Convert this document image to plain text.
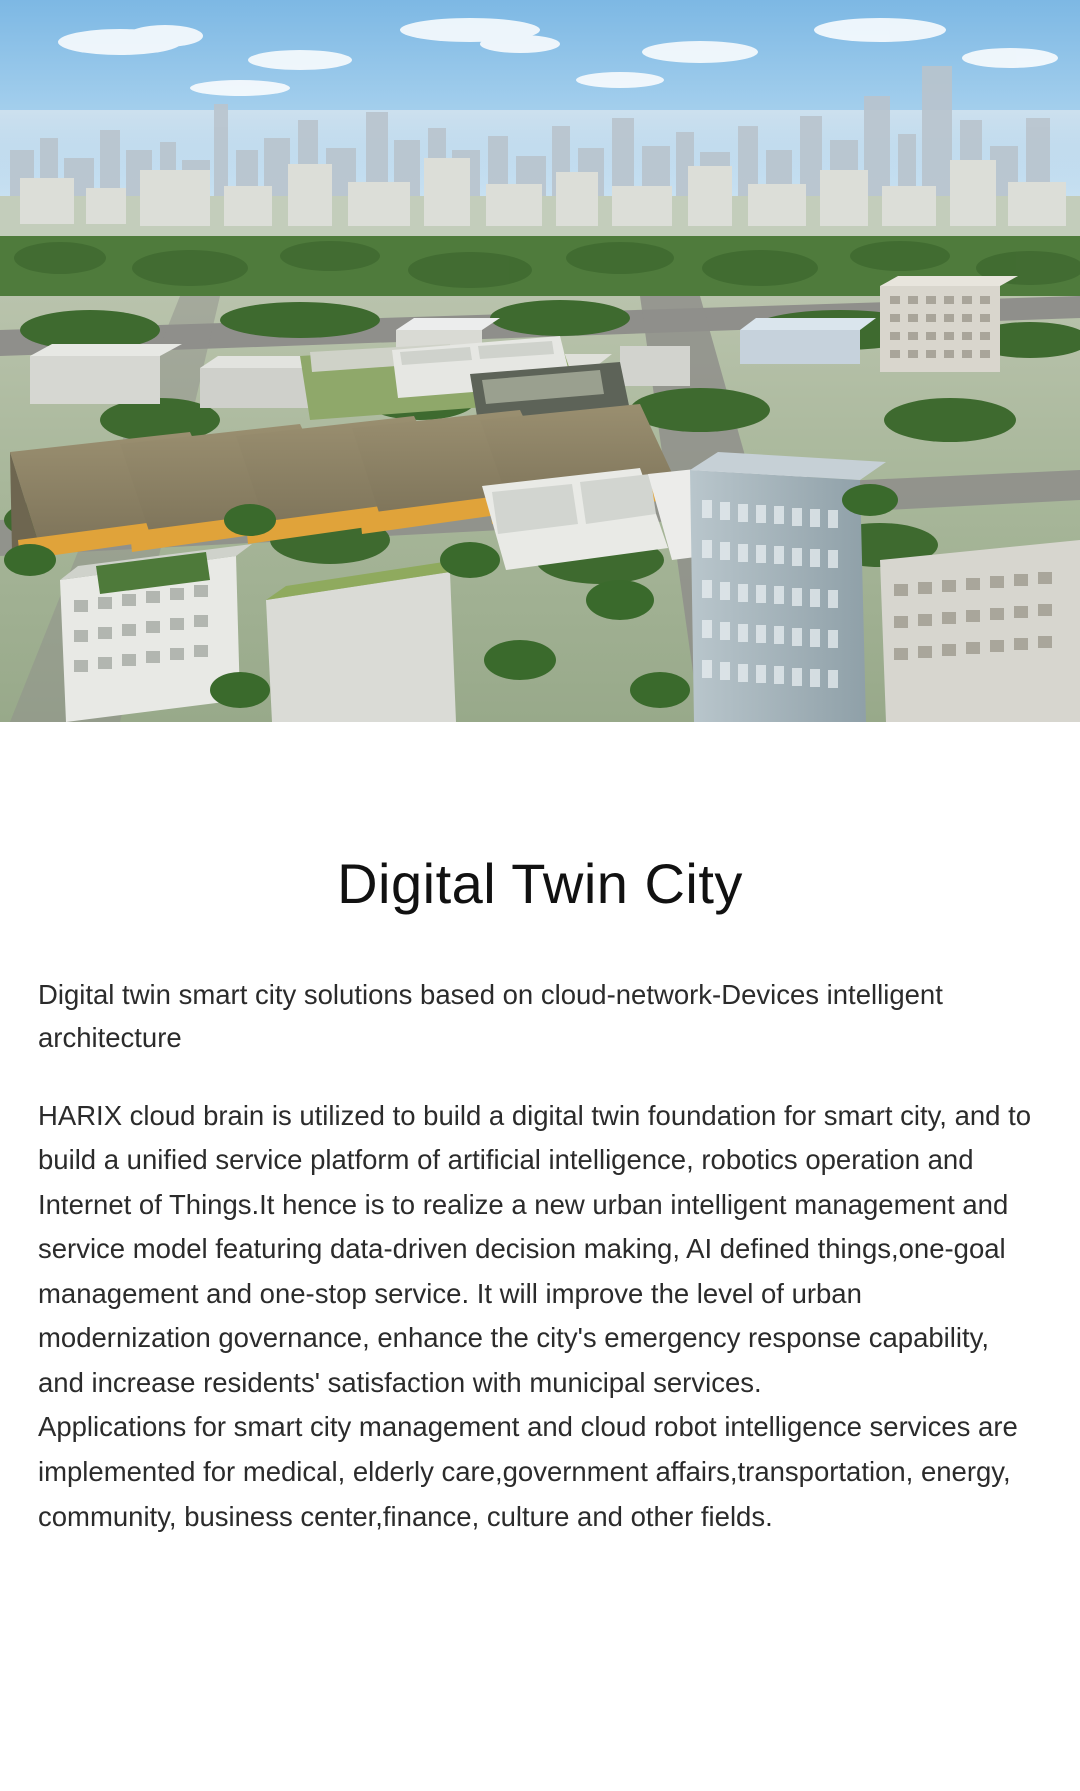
Digital Twin City

Digital twin smart city solutions based on cloud-network-Devices intelligent architecture

HARIX cloud brain is utilized to build a digital twin foundation for smart city, and to build a unified service platform of artificial intelligence, robotics operation and Internet of Things.It hence is to realize a new urban intelligent management and service model featuring data-driven decision making, AI defined things,one-goal management and one-stop service. It will improve the level of urban modernization governance, enhance the city's emergency response capability, and increase residents' satisfaction with municipal services.

Applications for smart city management and cloud robot intelligence services are implemented for medical, elderly care,government affairs,transportation, energy, community, business center,finance, culture and other fields.
